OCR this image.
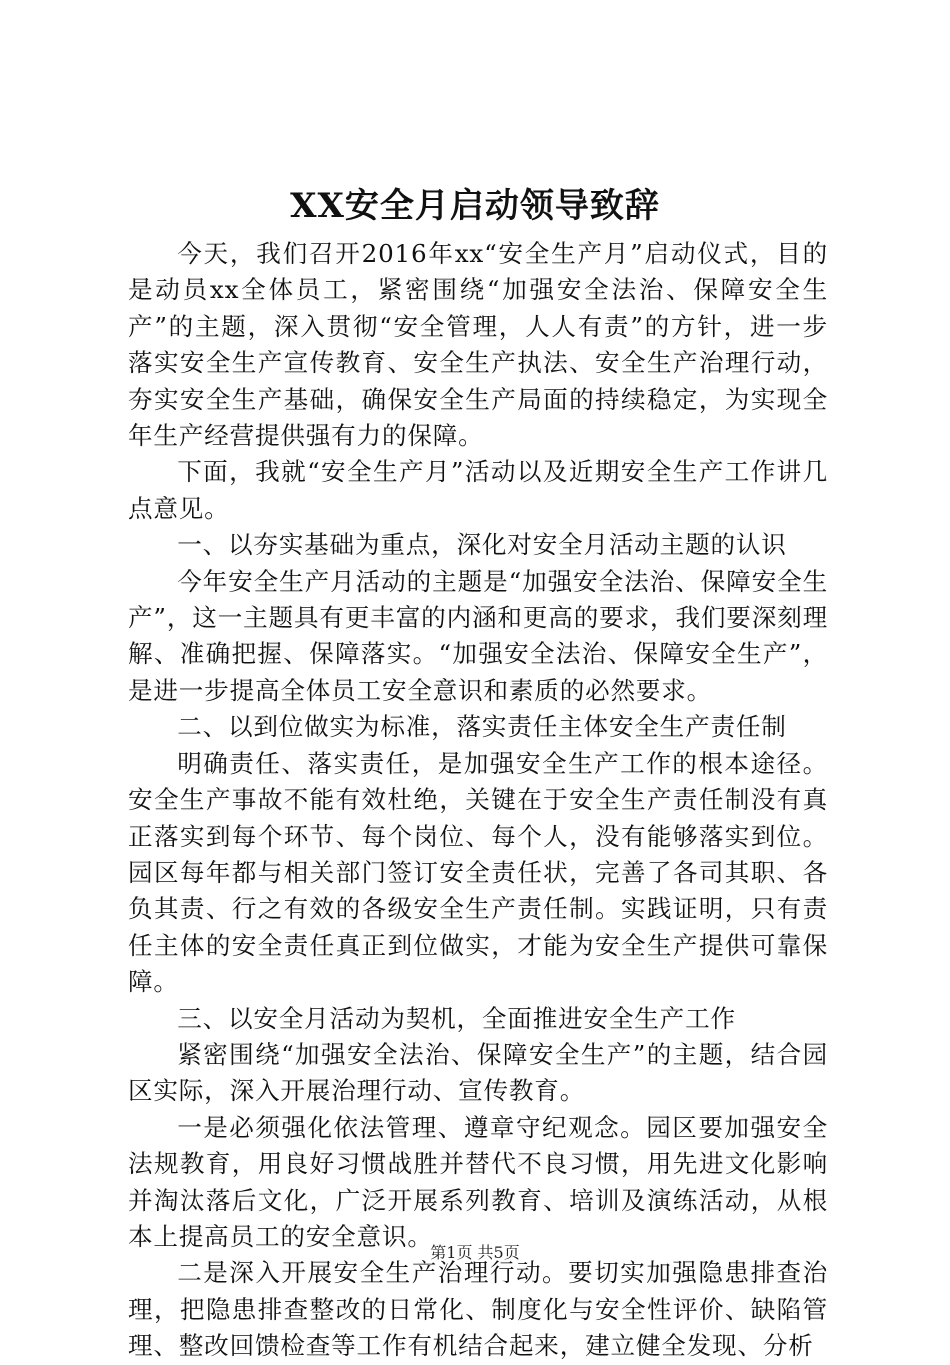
XX安全月启动领导致辞

今天，我们召开2016年xx“安全生产月”启动仪式，目的是动员xx全体员工，紧密围绕“加强安全法治、保障安全生产”的主题，深入贯彻“安全管理，人人有责”的方针，进一步落实安全生产宣传教育、安全生产执法、安全生产治理行动，夯实安全生产基础，确保安全生产局面的持续稳定，为实现全年生产经营提供强有力的保障。

下面，我就“安全生产月”活动以及近期安全生产工作讲几点意见。

一、以夯实基础为重点，深化对安全月活动主题的认识

今年安全生产月活动的主题是“加强安全法治、保障安全生产”，这一主题具有更丰富的内涵和更高的要求，我们要深刻理解、准确把握、保障落实。“加强安全法治、保障安全生产”，是进一步提高全体员工安全意识和素质的必然要求。

二、以到位做实为标准，落实责任主体安全生产责任制

明确责任、落实责任，是加强安全生产工作的根本途径。安全生产事故不能有效杜绝，关键在于安全生产责任制没有真正落实到每个环节、每个岗位、每个人，没有能够落实到位。园区每年都与相关部门签订安全责任状，完善了各司其职、各负其责、行之有效的各级安全生产责任制。实践证明，只有责任主体的安全责任真正到位做实，才能为安全生产提供可靠保障。

三、以安全月活动为契机，全面推进安全生产工作

紧密围绕“加强安全法治、保障安全生产”的主题，结合园区实际，深入开展治理行动、宣传教育。

一是必须强化依法管理、遵章守纪观念。园区要加强安全法规教育，用良好习惯战胜并替代不良习惯，用先进文化影响并淘汰落后文化，广泛开展系列教育、培训及演练活动，从根本上提高员工的安全意识。

二是深入开展安全生产治理行动。要切实加强隐患排查治理，把隐患排查整改的日常化、制度化与安全性评价、缺陷管理、整改回馈检查等工作有机结合起来，建立健全发现、分析

第1页 共5页
